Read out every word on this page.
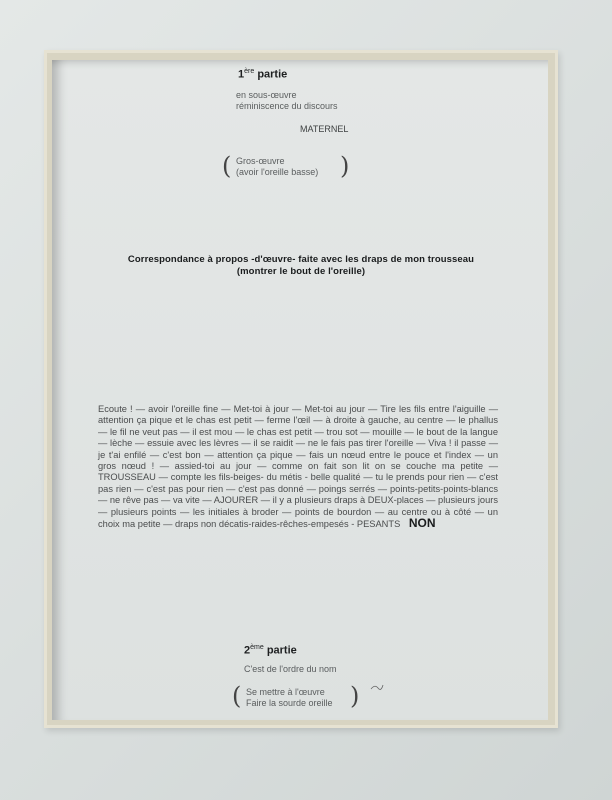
1ère partie
en sous-œuvre
réminiscence du discours
MATERNEL
( Gros-œuvre
(avoir l'oreille basse) )
Correspondance à propos -d'œuvre- faite avec les draps de mon trousseau
(montrer le bout de l'oreille)
Ecoute ! — avoir l'oreille fine — Met-toi à jour — Met-toi au jour — Tire les fils entre l'aiguille — attention ça pique et le chas est petit — ferme l'œil — à droite à gauche, au centre — le phallus — le fil ne veut pas — il est mou — le chas est petit — trou sot — mouille — le bout de la langue — lèche — essuie avec les lèvres — il se raidit — ne le fais pas tirer l'oreille — Viva ! il passe — je t'ai enfilé — c'est bon — attention ça pique — fais un nœud entre le pouce et l'index — un gros nœud ! — assied-toi au jour — comme on fait son lit on se couche ma petite — TROUSSEAU — compte les fils-beiges- du métis - belle qualité — tu le prends pour rien — c'est pas rien — c'est pas pour rien — c'est pas donné — poings serrés — points-petits-points-blancs — ne rêve pas — va vite — AJOURER — il y a plusieurs draps à DEUX-places — plusieurs jours — plusieurs points — les initiales à broder — points de bourdon — au centre ou à côté — un choix ma petite — draps non décatis-raides-rêches-empesés - PESANTS NON
2ème partie
C'est de l'ordre du nom
( Se mettre à l'œuvre
Faire la sourde oreille )
